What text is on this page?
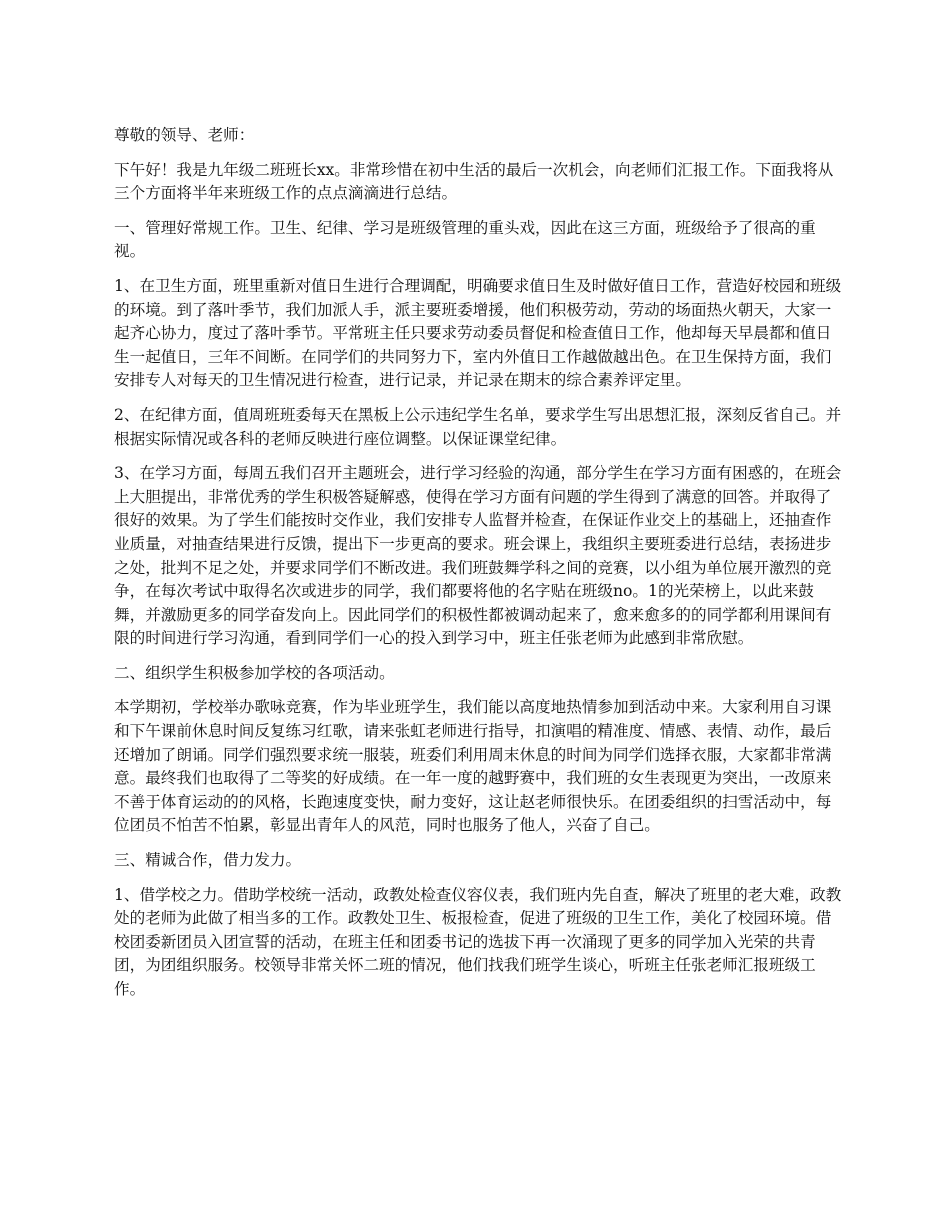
尊敬的领导、老师：

下午好！我是九年级二班班长xx。非常珍惜在初中生活的最后一次机会，向老师们汇报工作。下面我将从三个方面将半年来班级工作的点点滴滴进行总结。

一、管理好常规工作。卫生、纪律、学习是班级管理的重头戏，因此在这三方面，班级给予了很高的重视。

1、在卫生方面，班里重新对值日生进行合理调配，明确要求值日生及时做好值日工作，营造好校园和班级的环境。到了落叶季节，我们加派人手，派主要班委增援，他们积极劳动，劳动的场面热火朝天，大家一起齐心协力，度过了落叶季节。平常班主任只要求劳动委员督促和检查值日工作，他却每天早晨都和值日生一起值日，三年不间断。在同学们的共同努力下，室内外值日工作越做越出色。在卫生保持方面，我们安排专人对每天的卫生情况进行检查，进行记录，并记录在期末的综合素养评定里。

2、在纪律方面，值周班班委每天在黑板上公示违纪学生名单，要求学生写出思想汇报，深刻反省自己。并根据实际情况或各科的老师反映进行座位调整。以保证课堂纪律。

3、在学习方面，每周五我们召开主题班会，进行学习经验的沟通，部分学生在学习方面有困惑的，在班会上大胆提出，非常优秀的学生积极答疑解惑，使得在学习方面有问题的学生得到了满意的回答。并取得了很好的效果。为了学生们能按时交作业，我们安排专人监督并检查，在保证作业交上的基础上，还抽查作业质量，对抽查结果进行反馈，提出下一步更高的要求。班会课上，我组织主要班委进行总结，表扬进步之处，批判不足之处，并要求同学们不断改进。我们班鼓舞学科之间的竞赛，以小组为单位展开激烈的竞争，在每次考试中取得名次或进步的同学，我们都要将他的名字贴在班级no。1的光荣榜上，以此来鼓舞，并激励更多的同学奋发向上。因此同学们的积极性都被调动起来了，愈来愈多的的同学都利用课间有限的时间进行学习沟通，看到同学们一心的投入到学习中，班主任张老师为此感到非常欣慰。

二、组织学生积极参加学校的各项活动。

本学期初，学校举办歌咏竞赛，作为毕业班学生，我们能以高度地热情参加到活动中来。大家利用自习课和下午课前休息时间反复练习红歌，请来张虹老师进行指导，扣演唱的精准度、情感、表情、动作，最后还增加了朗诵。同学们强烈要求统一服装，班委们利用周末休息的时间为同学们选择衣服，大家都非常满意。最终我们也取得了二等奖的好成绩。在一年一度的越野赛中，我们班的女生表现更为突出，一改原来不善于体育运动的的风格，长跑速度变快，耐力变好，这让赵老师很快乐。在团委组织的扫雪活动中，每位团员不怕苦不怕累，彰显出青年人的风范，同时也服务了他人，兴奋了自己。

三、精诚合作，借力发力。

1、借学校之力。借助学校统一活动，政教处检查仪容仪表，我们班内先自查，解决了班里的老大难，政教处的老师为此做了相当多的工作。政教处卫生、板报检查，促进了班级的卫生工作，美化了校园环境。借校团委新团员入团宣誓的活动，在班主任和团委书记的选拔下再一次涌现了更多的同学加入光荣的共青团，为团组织服务。校领导非常关怀二班的情况，他们找我们班学生谈心，听班主任张老师汇报班级工作。
